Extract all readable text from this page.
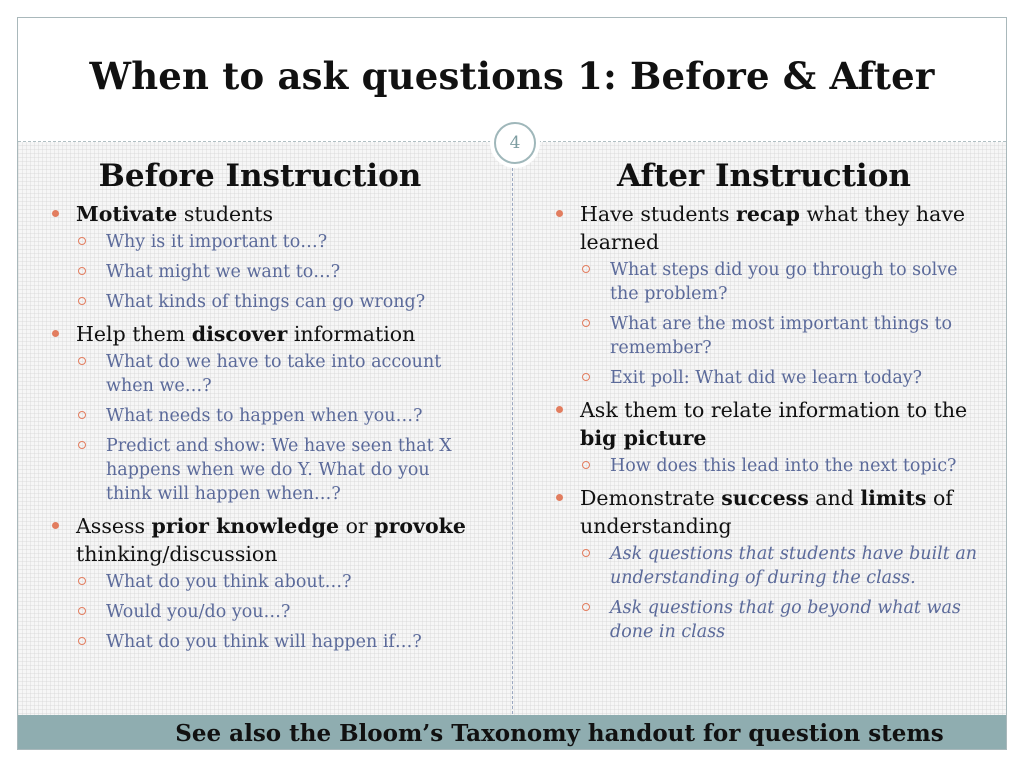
When to ask questions 1: Before & After
4
Before Instruction
Motivate students
Why is it important to…?
What might we want to…?
What kinds of things can go wrong?
Help them discover information
What do we have to take into account when we…?
What needs to happen when you…?
Predict and show: We have seen that X happens when we do Y. What do you think will happen when…?
Assess prior knowledge or provoke thinking/discussion
What do you think about…?
Would you/do you…?
What do you think will happen if…?
After Instruction
Have students recap what they have learned
What steps did you go through to solve the problem?
What are the most important things to remember?
Exit poll: What did we learn today?
Ask them to relate information to the big picture
How does this lead into the next topic?
Demonstrate success and limits of understanding
Ask questions that students have built an understanding of during the class.
Ask questions that go beyond what was done in class
See also the Bloom’s Taxonomy handout for question stems
